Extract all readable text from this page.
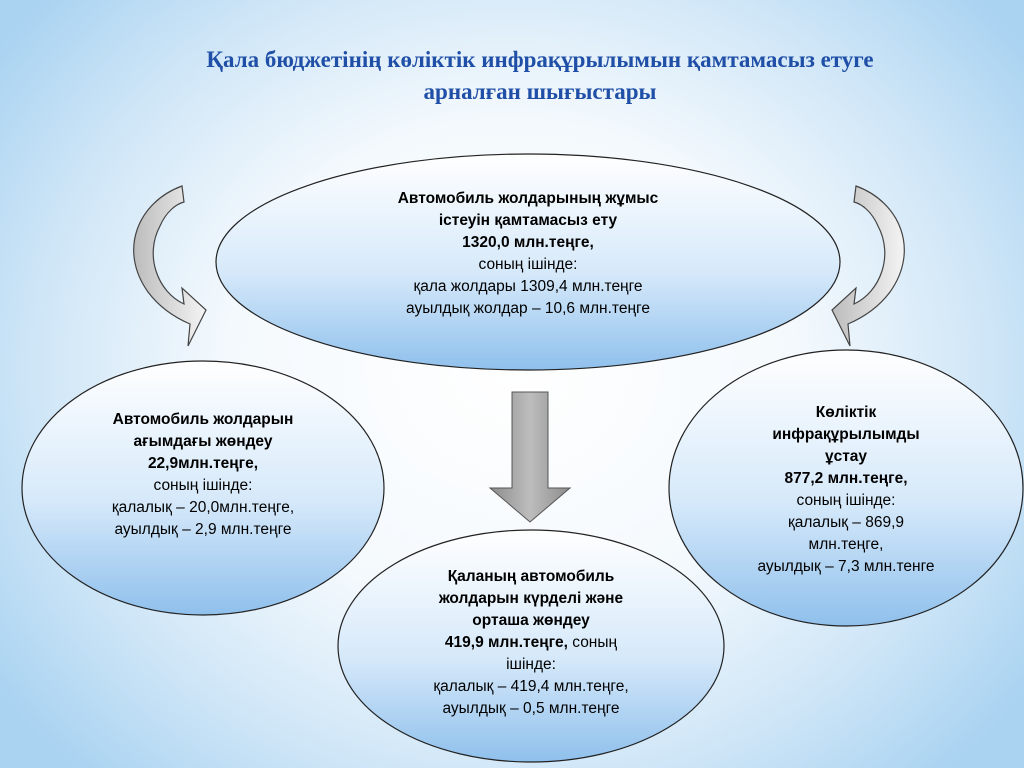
Қала бюджетінің көліктік инфрақұрылымын қамтамасыз етуге
арналған шығыстары
Автомобиль жолдарының жұмыс
істеуін қамтамасыз ету
1320,0 млн.теңге,
соның ішінде:
қала жолдары 1309,4 млн.теңге
ауылдық жолдар – 10,6 млн.теңге
Автомобиль жолдарын
ағымдағы жөндеу
22,9млн.теңге,
соның ішінде:
қалалық – 20,0млн.теңге,
ауылдық – 2,9 млн.теңге
Көліктік
инфрақұрылымды
ұстау
877,2 млн.теңге,
соның ішінде:
қалалық – 869,9
млн.теңге,
ауылдық – 7,3 млн.тенге
Қаланың автомобиль
жолдарын күрделі және
орташа жөндеу
419,9 млн.теңге, соның
ішінде:
қалалық – 419,4 млн.теңге,
ауылдық – 0,5 млн.теңге
